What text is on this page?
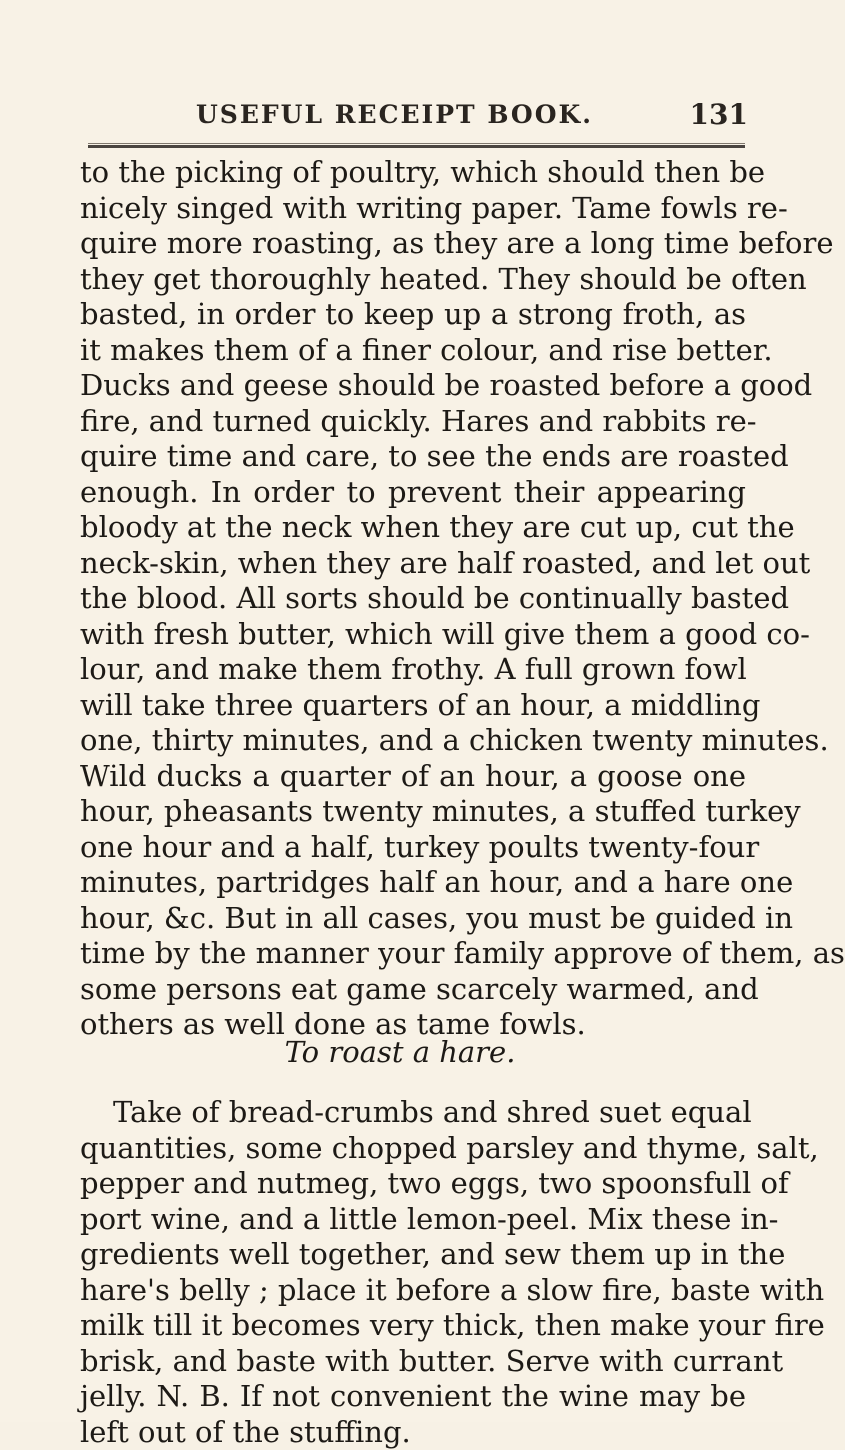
USEFUL RECEIPT BOOK.	131
to the picking of poultry, which should then be
nicely singed with writing paper. Tame fowls re-
quire more roasting, as they are a long time before
they get thoroughly heated. They should be often
basted, in order to keep up a strong froth, as
it makes them of a finer colour, and rise better.
Ducks and geese should be roasted before a good
fire, and turned quickly. Hares and rabbits re-
quire time and care, to see the ends are roasted
enough. In order to prevent their appearing
bloody at the neck when they are cut up, cut the
neck-skin, when they are half roasted, and let out
the blood. All sorts should be continually basted
with fresh butter, which will give them a good co-
lour, and make them frothy. A full grown fowl
will take three quarters of an hour, a middling
one, thirty minutes, and a chicken twenty minutes.
Wild ducks a quarter of an hour, a goose one
hour, pheasants twenty minutes, a stuffed turkey
one hour and a half, turkey poults twenty-four
minutes, partridges half an hour, and a hare one
hour, &c. But in all cases, you must be guided in
time by the manner your family approve of them, as
some persons eat game scarcely warmed, and
others as well done as tame fowls.
To roast a hare.
Take of bread-crumbs and shred suet equal
quantities, some chopped parsley and thyme, salt,
pepper and nutmeg, two eggs, two spoonsfull of
port wine, and a little lemon-peel. Mix these in-
gredients well together, and sew them up in the
hare's belly ; place it before a slow fire, baste with
milk till it becomes very thick, then make your fire
brisk, and baste with butter. Serve with currant
jelly. N. B. If not convenient the wine may be
left out of the stuffing.
